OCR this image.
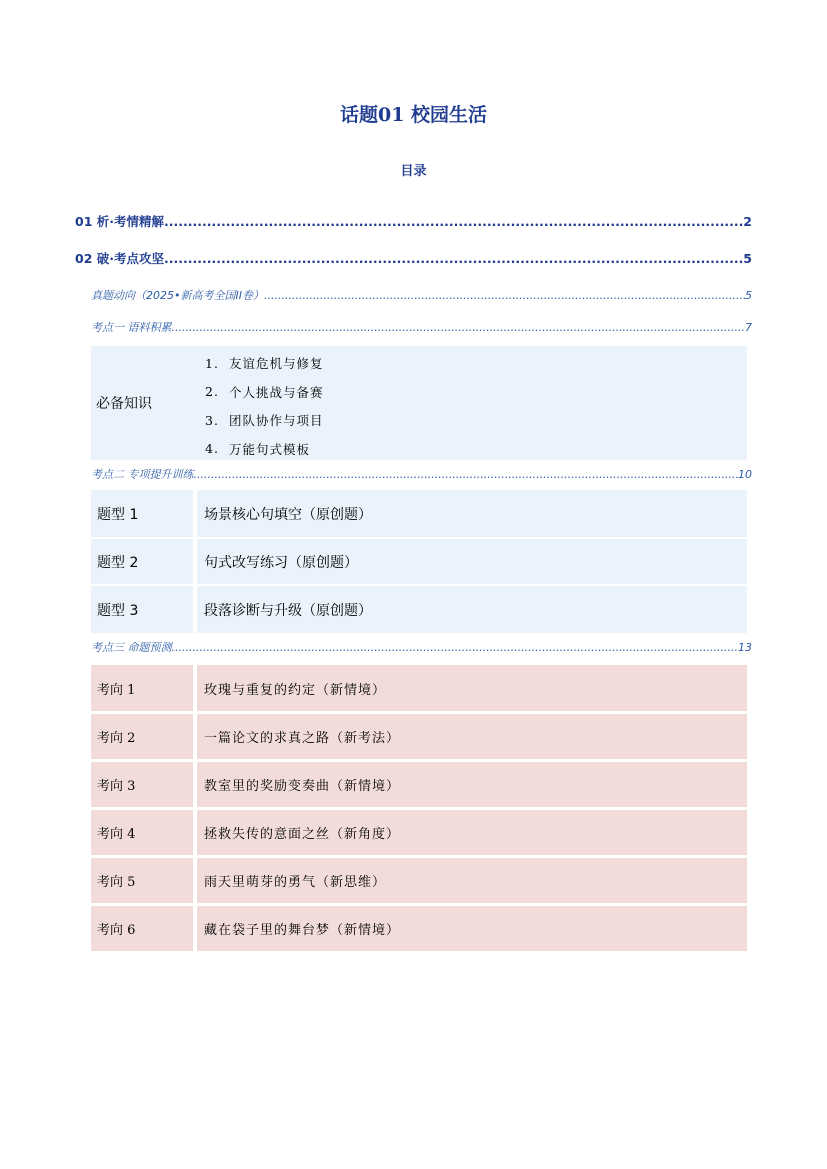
话题01 校园生活
目录
01 析·考情精解 .....	2
02 破·考点攻坚 .....	5
真题动向（2025•新高考全国II卷） .....	5
考点一 语料积累 .....	7
必备知识
1. 友谊危机与修复
2. 个人挑战与备赛
3. 团队协作与项目
4. 万能句式模板
考点二 专项提升训练 .....	10
题型 1	场景核心句填空（原创题）
题型 2	句式改写练习（原创题）
题型 3	段落诊断与升级（原创题）
考点三 命题预测 .....	13
考向 1	玫瑰与重复的约定（新情境）
考向 2	一篇论文的求真之路（新考法）
考向 3	教室里的奖励变奏曲（新情境）
考向 4	拯救失传的意面之丝（新角度）
考向 5	雨天里萌芽的勇气（新思维）
考向 6	藏在袋子里的舞台梦（新情境）
